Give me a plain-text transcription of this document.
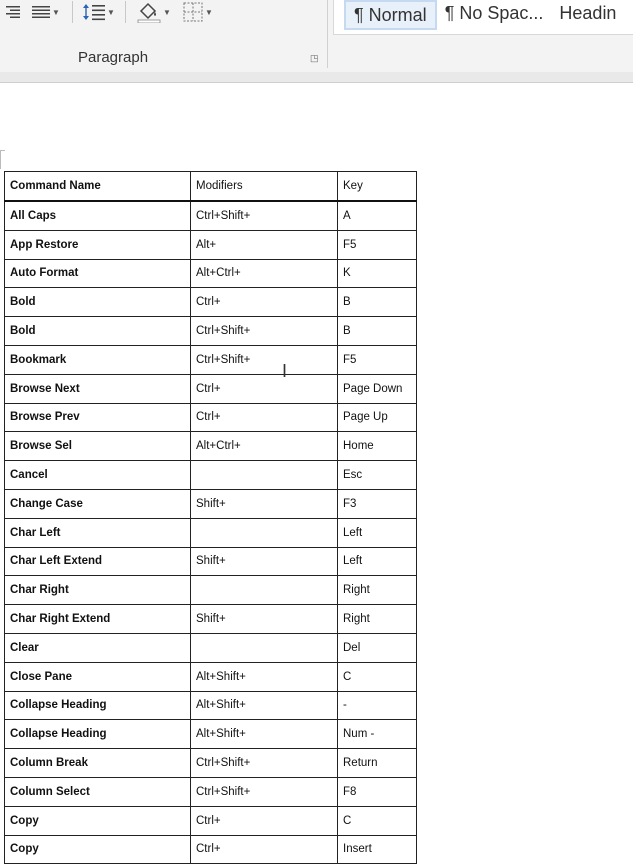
▼	▼	▼	▼
Paragraph	◳
¶ Normal	¶ No Spac... Headin
Command Name	Modifiers	Key
All Caps	Ctrl+Shift+	A
App Restore	Alt+	F5
Auto Format	Alt+Ctrl+	K
Bold	Ctrl+	B
Bold	Ctrl+Shift+	B
Bookmark	Ctrl+Shift+	F5
Browse Next	Ctrl+	Page Down
Browse Prev	Ctrl+	Page Up
Browse Sel	Alt+Ctrl+	Home
Cancel		Esc
Change Case	Shift+	F3
Char Left		Left
Char Left Extend	Shift+	Left
Char Right		Right
Char Right Extend	Shift+	Right
Clear		Del
Close Pane	Alt+Shift+	C
Collapse Heading	Alt+Shift+	-
Collapse Heading	Alt+Shift+	Num -
Column Break	Ctrl+Shift+	Return
Column Select	Ctrl+Shift+	F8
Copy	Ctrl+	C
Copy	Ctrl+	Insert
I
